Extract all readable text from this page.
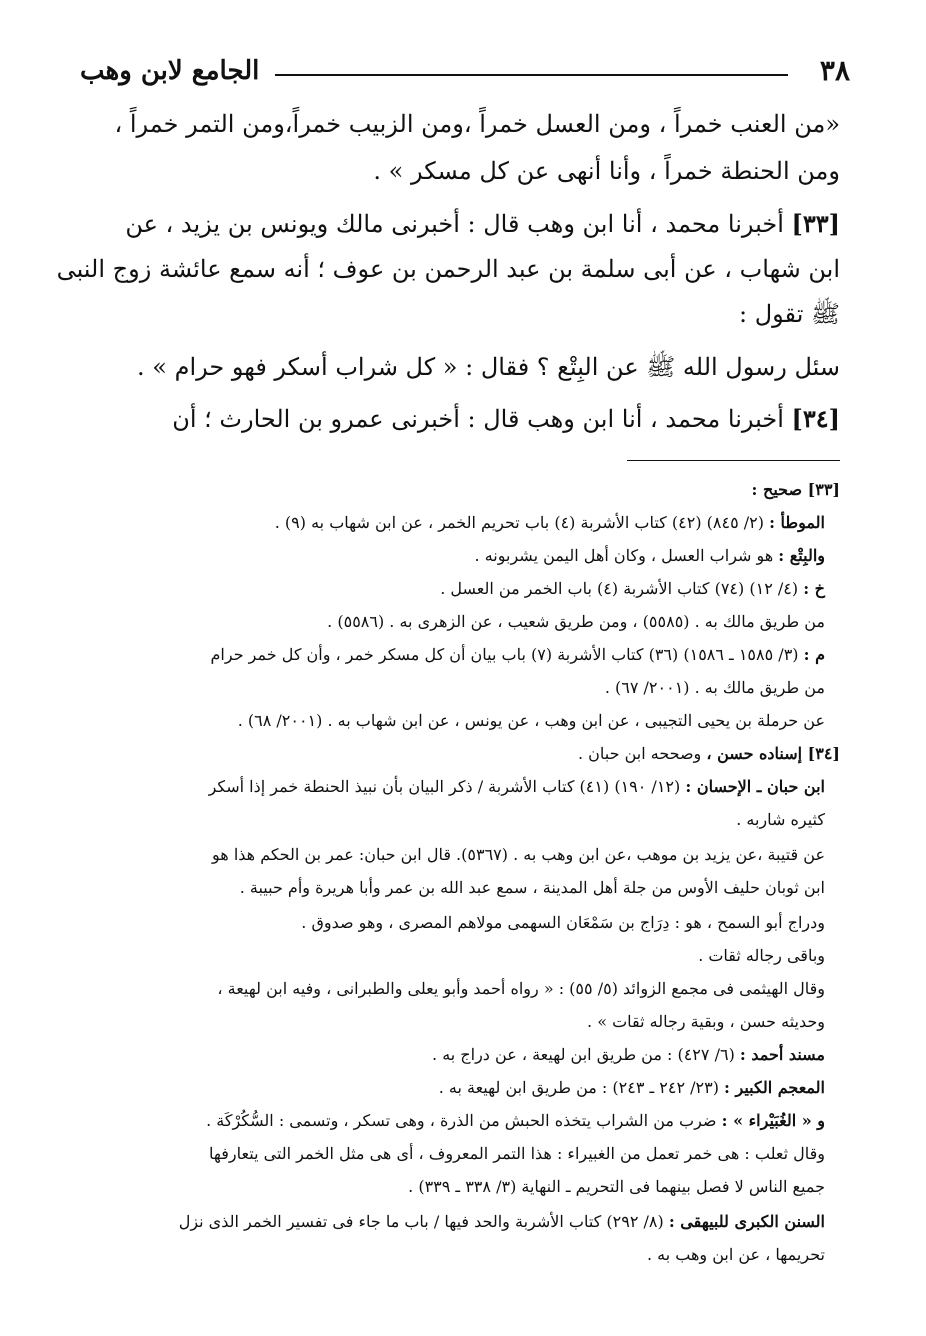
٣٨
الجامع لابن وهب
«من العنب خمراً ، ومن العسل خمراً ،ومن الزبيب خمراً،ومن التمر خمراً ،
ومن الحنطة خمراً ، وأنا أنهى عن كل مسكر » .
[٣٣] أخبرنا محمد ، أنا ابن وهب قال : أخبرنى مالك ويونس بن يزيد ، عن
ابن شهاب ، عن أبى سلمة بن عبد الرحمن بن عوف ؛ أنه سمع عائشة زوج النبى
ﷺ تقول :
سئل رسول الله ﷺ عن البِتْع ؟ فقال : « كل شراب أسكر فهو حرام » .
[٣٤] أخبرنا محمد ، أنا ابن وهب قال : أخبرنى عمرو بن الحارث ؛ أن
[٣٣] صحيح :
الموطأ : (٢/ ٨٤٥) (٤٢) كتاب الأشربة (٤) باب تحريم الخمر ، عن ابن شهاب به (٩) .
والبِتْع : هو شراب العسل ، وكان أهل اليمن يشربونه .
خ : (٤/ ١٢) (٧٤) كتاب الأشربة (٤) باب الخمر من العسل .
من طريق مالك به . (٥٥٨٥) ، ومن طريق شعيب ، عن الزهرى به . (٥٥٨٦) .
م : (٣/ ١٥٨٥ ـ ١٥٨٦) (٣٦) كتاب الأشربة (٧) باب بيان أن كل مسكر خمر ، وأن كل خمر حرام
من طريق مالك به . (٢٠٠١/ ٦٧) .
عن حرملة بن يحيى التجيبى ، عن ابن وهب ، عن يونس ، عن ابن شهاب به . (٢٠٠١/ ٦٨) .
[٣٤] إسناده حسن ، وصححه ابن حبان .
ابن حبان ـ الإحسان : (١٢/ ١٩٠) (٤١) كتاب الأشربة / ذكر البيان بأن نبيذ الحنطة خمر إذا أسكر
كثيره شاربه .
عن قتيبة ،عن يزيد بن موهب ،عن ابن وهب به . (٥٣٦٧). قال ابن حبان: عمر بن الحكم هذا هو
ابن ثوبان حليف الأوس من جلة أهل المدينة ، سمع عبد الله بن عمر وأبا هريرة وأم حبيبة .
ودراج أبو السمح ، هو : دِرَاج بن سَمْعَان السهمى مولاهم المصرى ، وهو صدوق .
وباقى رجاله ثقات .
وقال الهيثمى فى مجمع الزوائد (٥/ ٥٥) : « رواه أحمد وأبو يعلى والطبرانى ، وفيه ابن لهيعة ،
وحديثه حسن ، وبقية رجاله ثقات » .
مسند أحمد : (٦/ ٤٢٧) : من طريق ابن لهيعة ، عن دراج به .
المعجم الكبير : (٢٣/ ٢٤٢ ـ ٢٤٣) : من طريق ابن لهيعة به .
و « الغُبَيْراء » : ضرب من الشراب يتخذه الحبش من الذرة ، وهى تسكر ، وتسمى : السُّكُرْكَة .
وقال ثعلب : هى خمر تعمل من الغبيراء : هذا التمر المعروف ، أى هى مثل الخمر التى يتعارفها
جميع الناس لا فصل بينهما فى التحريم ـ النهاية (٣/ ٣٣٨ ـ ٣٣٩) .
السنن الكبرى للبيهقى : (٨/ ٢٩٢) كتاب الأشربة والحد فيها / باب ما جاء فى تفسير الخمر الذى نزل
تحريمها ، عن ابن وهب به .
